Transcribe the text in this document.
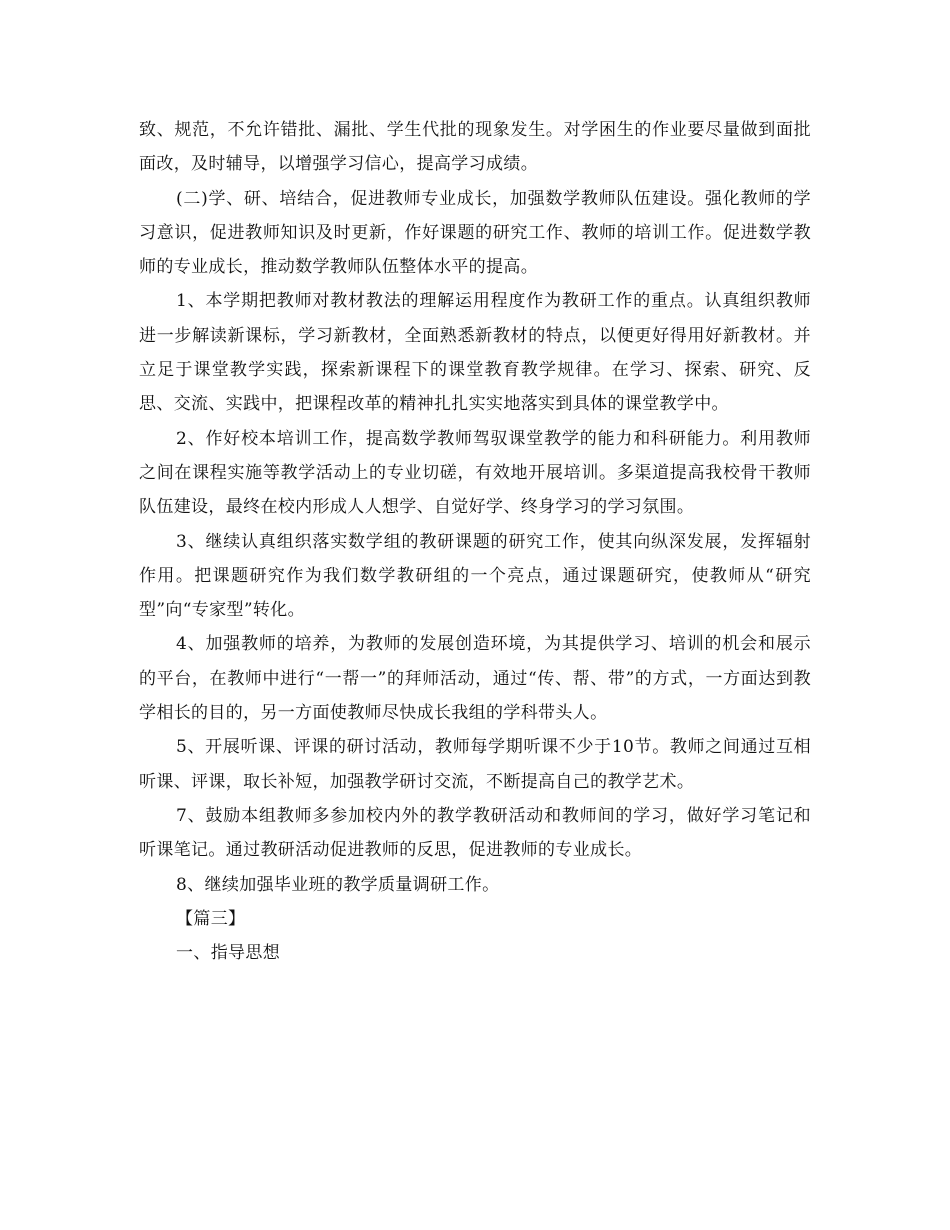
致、规范，不允许错批、漏批、学生代批的现象发生。对学困生的作业要尽量做到面批面改，及时辅导，以增强学习信心，提高学习成绩。

(二)学、研、培结合，促进教师专业成长，加强数学教师队伍建设。强化教师的学习意识，促进教师知识及时更新，作好课题的研究工作、教师的培训工作。促进数学教师的专业成长，推动数学教师队伍整体水平的提高。

1、本学期把教师对教材教法的理解运用程度作为教研工作的重点。认真组织教师进一步解读新课标，学习新教材，全面熟悉新教材的特点，以便更好得用好新教材。并立足于课堂教学实践，探索新课程下的课堂教育教学规律。在学习、探索、研究、反思、交流、实践中，把课程改革的精神扎扎实实地落实到具体的课堂教学中。

2、作好校本培训工作，提高数学教师驾驭课堂教学的能力和科研能力。利用教师之间在课程实施等教学活动上的专业切磋，有效地开展培训。多渠道提高我校骨干教师队伍建设，最终在校内形成人人想学、自觉好学、终身学习的学习氛围。

3、继续认真组织落实数学组的教研课题的研究工作，使其向纵深发展，发挥辐射作用。把课题研究作为我们数学教研组的一个亮点，通过课题研究，使教师从“研究型”向“专家型”转化。

4、加强教师的培养，为教师的发展创造环境，为其提供学习、培训的机会和展示的平台，在教师中进行“一帮一”的拜师活动，通过“传、帮、带”的方式，一方面达到教学相长的目的，另一方面使教师尽快成长我组的学科带头人。

5、开展听课、评课的研讨活动，教师每学期听课不少于10节。教师之间通过互相听课、评课，取长补短，加强教学研讨交流，不断提高自己的教学艺术。

7、鼓励本组教师多参加校内外的教学教研活动和教师间的学习，做好学习笔记和听课笔记。通过教研活动促进教师的反思，促进教师的专业成长。

8、继续加强毕业班的教学质量调研工作。

【篇三】

一、指导思想
